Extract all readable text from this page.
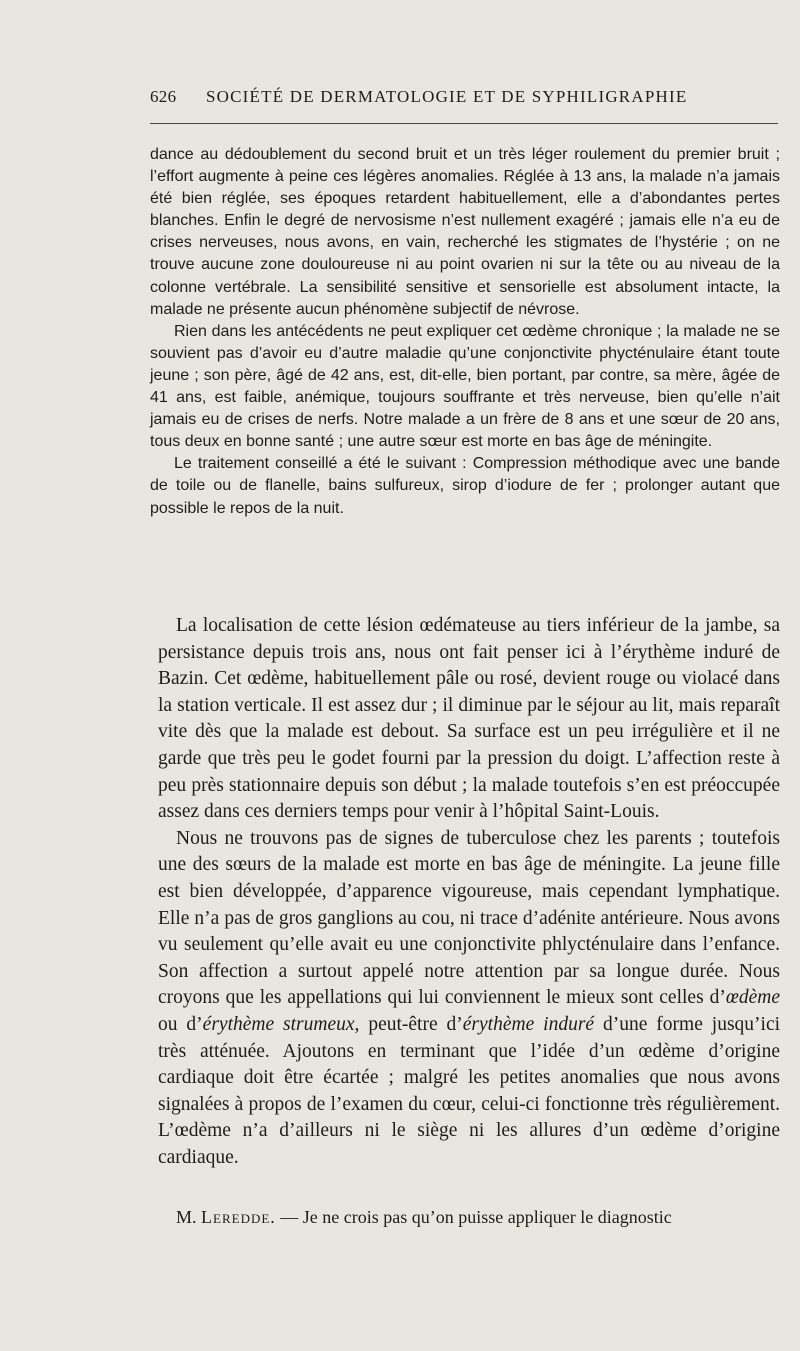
626 SOCIÉTÉ DE DERMATOLOGIE ET DE SYPHILIGRAPHIE

dance au dédoublement du second bruit et un très léger roulement du premier bruit ; l’effort augmente à peine ces légères anomalies. Réglée à 13 ans, la malade n’a jamais été bien réglée, ses époques retardent habituellement, elle a d’abondantes pertes blanches. Enfin le degré de nervosisme n’est nullement exagéré ; jamais elle n’a eu de crises nerveuses, nous avons, en vain, recherché les stigmates de l’hystérie ; on ne trouve aucune zone douloureuse ni au point ovarien ni sur la tête ou au niveau de la colonne vertébrale. La sensibilité sensitive et sensorielle est absolument intacte, la malade ne présente aucun phénomène subjectif de névrose.

Rien dans les antécédents ne peut expliquer cet œdème chronique ; la malade ne se souvient pas d’avoir eu d’autre maladie qu’une conjonctivite phycténulaire étant toute jeune ; son père, âgé de 42 ans, est, dit-elle, bien portant, par contre, sa mère, âgée de 41 ans, est faible, anémique, toujours souffrante et très nerveuse, bien qu’elle n’ait jamais eu de crises de nerfs. Notre malade a un frère de 8 ans et une sœur de 20 ans, tous deux en bonne santé ; une autre sœur est morte en bas âge de méningite.

Le traitement conseillé a été le suivant : Compression méthodique avec une bande de toile ou de flanelle, bains sulfureux, sirop d’iodure de fer ; prolonger autant que possible le repos de la nuit.

La localisation de cette lésion œdémateuse au tiers inférieur de la jambe, sa persistance depuis trois ans, nous ont fait penser ici à l’érythème induré de Bazin. Cet œdème, habituellement pâle ou rosé, devient rouge ou violacé dans la station verticale. Il est assez dur ; il diminue par le séjour au lit, mais reparaît vite dès que la malade est debout. Sa surface est un peu irrégulière et il ne garde que très peu le godet fourni par la pression du doigt. L’affection reste à peu près stationnaire depuis son début ; la malade toutefois s’en est préoccupée assez dans ces derniers temps pour venir à l’hôpital Saint-Louis.

Nous ne trouvons pas de signes de tuberculose chez les parents ; toutefois une des sœurs de la malade est morte en bas âge de méningite. La jeune fille est bien développée, d’apparence vigoureuse, mais cependant lymphatique. Elle n’a pas de gros ganglions au cou, ni trace d’adénite antérieure. Nous avons vu seulement qu’elle avait eu une conjonctivite phlycténulaire dans l’enfance. Son affection a surtout appelé notre attention par sa longue durée. Nous croyons que les appellations qui lui conviennent le mieux sont celles d’œdème ou d’érythème strumeux, peut-être d’érythème induré d’une forme jusqu’ici très atténuée. Ajoutons en terminant que l’idée d’un œdème d’origine cardiaque doit être écartée ; malgré les petites anomalies que nous avons signalées à propos de l’examen du cœur, celui-ci fonctionne très régulièrement. L’œdème n’a d’ailleurs ni le siège ni les allures d’un œdème d’origine cardiaque.

M. Leredde. — Je ne crois pas qu’on puisse appliquer le diagnostic
